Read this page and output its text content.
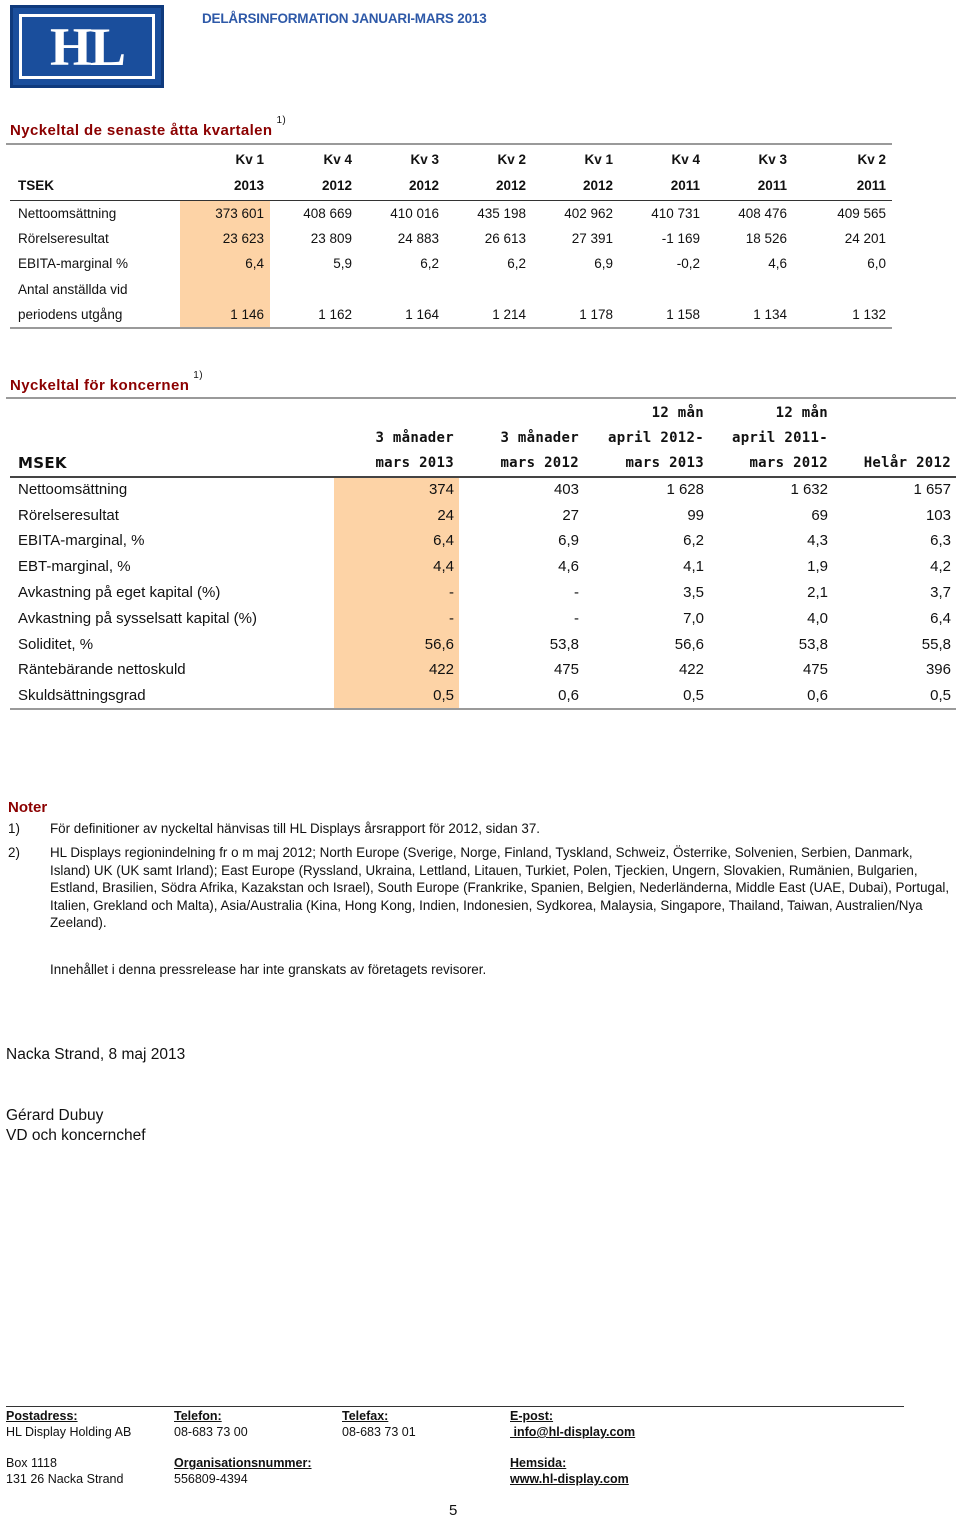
HL	DELÅRSINFORMATION JANUARI-MARS 2013
Nyckeltal de senaste åtta kvartalen$^{1)}$
	Kv 1	Kv 4	Kv 3	Kv 2	Kv 1	Kv 4	Kv 3	Kv 2
TSEK	2013	2012	2012	2012	2012	2011	2011	2011
Nettoomsättning	373 601	408 669	410 016	435 198	402 962	410 731	408 476	409 565
Rörelseresultat	23 623	23 809	24 883	26 613	27 391	-1 169	18 526	24 201
EBITA-marginal %	6,4	5,9	6,2	6,2	6,9	-0,2	4,6	6,0
Antal anställda vid								
periodens utgång	1 146	1 162	1 164	1 214	1 178	1 158	1 134	1 132
Nyckeltal för koncernen$^{1)}$
			12 mån	12 mån	
	3 månader	3 månader	april 2012-	april 2011-	
MSEK	mars 2013	mars 2012	mars 2013	mars 2012	Helår 2012
Nettoomsättning	374	403	1 628	1 632	1 657
Rörelseresultat	24	27	99	69	103
EBITA-marginal, %	6,4	6,9	6,2	4,3	6,3
EBT-marginal, %	4,4	4,6	4,1	1,9	4,2
Avkastning på eget kapital (%)	-	-	3,5	2,1	3,7
Avkastning på sysselsatt kapital (%)	-	-	7,0	4,0	6,4
Soliditet, %	56,6	53,8	56,6	53,8	55,8
Räntebärande nettoskuld	422	475	422	475	396
Skuldsättningsgrad	0,5	0,6	0,5	0,6	0,5
Noter
1) För definitioner av nyckeltal hänvisas till HL Displays årsrapport för 2012, sidan 37.
2) HL Displays regionindelning fr o m maj 2012; North Europe (Sverige, Norge, Finland, Tyskland, Schweiz, Österrike, Solvenien, Serbien, Danmark, Island) UK (UK samt Irland); East Europe (Ryssland, Ukraina, Lettland, Litauen, Turkiet, Polen, Tjeckien, Ungern, Slovakien, Rumänien, Bulgarien, Estland, Brasilien, Södra Afrika, Kazakstan och Israel), South Europe (Frankrike, Spanien, Belgien, Nederländerna, Middle East (UAE, Dubai), Portugal, Italien, Grekland och Malta), Asia/Australia (Kina, Hong Kong, Indien, Indonesien, Sydkorea, Malaysia, Singapore, Thailand, Taiwan, Australien/Nya Zeeland).
Innehållet i denna pressrelease har inte granskats av företagets revisorer.
Nacka Strand, 8 maj 2013
Gérard Dubuy
VD och koncernchef
Postadress:
HL Display Holding AB
Box 1118
131 26 Nacka Strand
Telefon:
08-683 73 00
Organisationsnummer:
556809-4394
Telefax:
08-683 73 01
E-post:
info@hl-display.com
Hemsida:
www.hl-display.com
5
